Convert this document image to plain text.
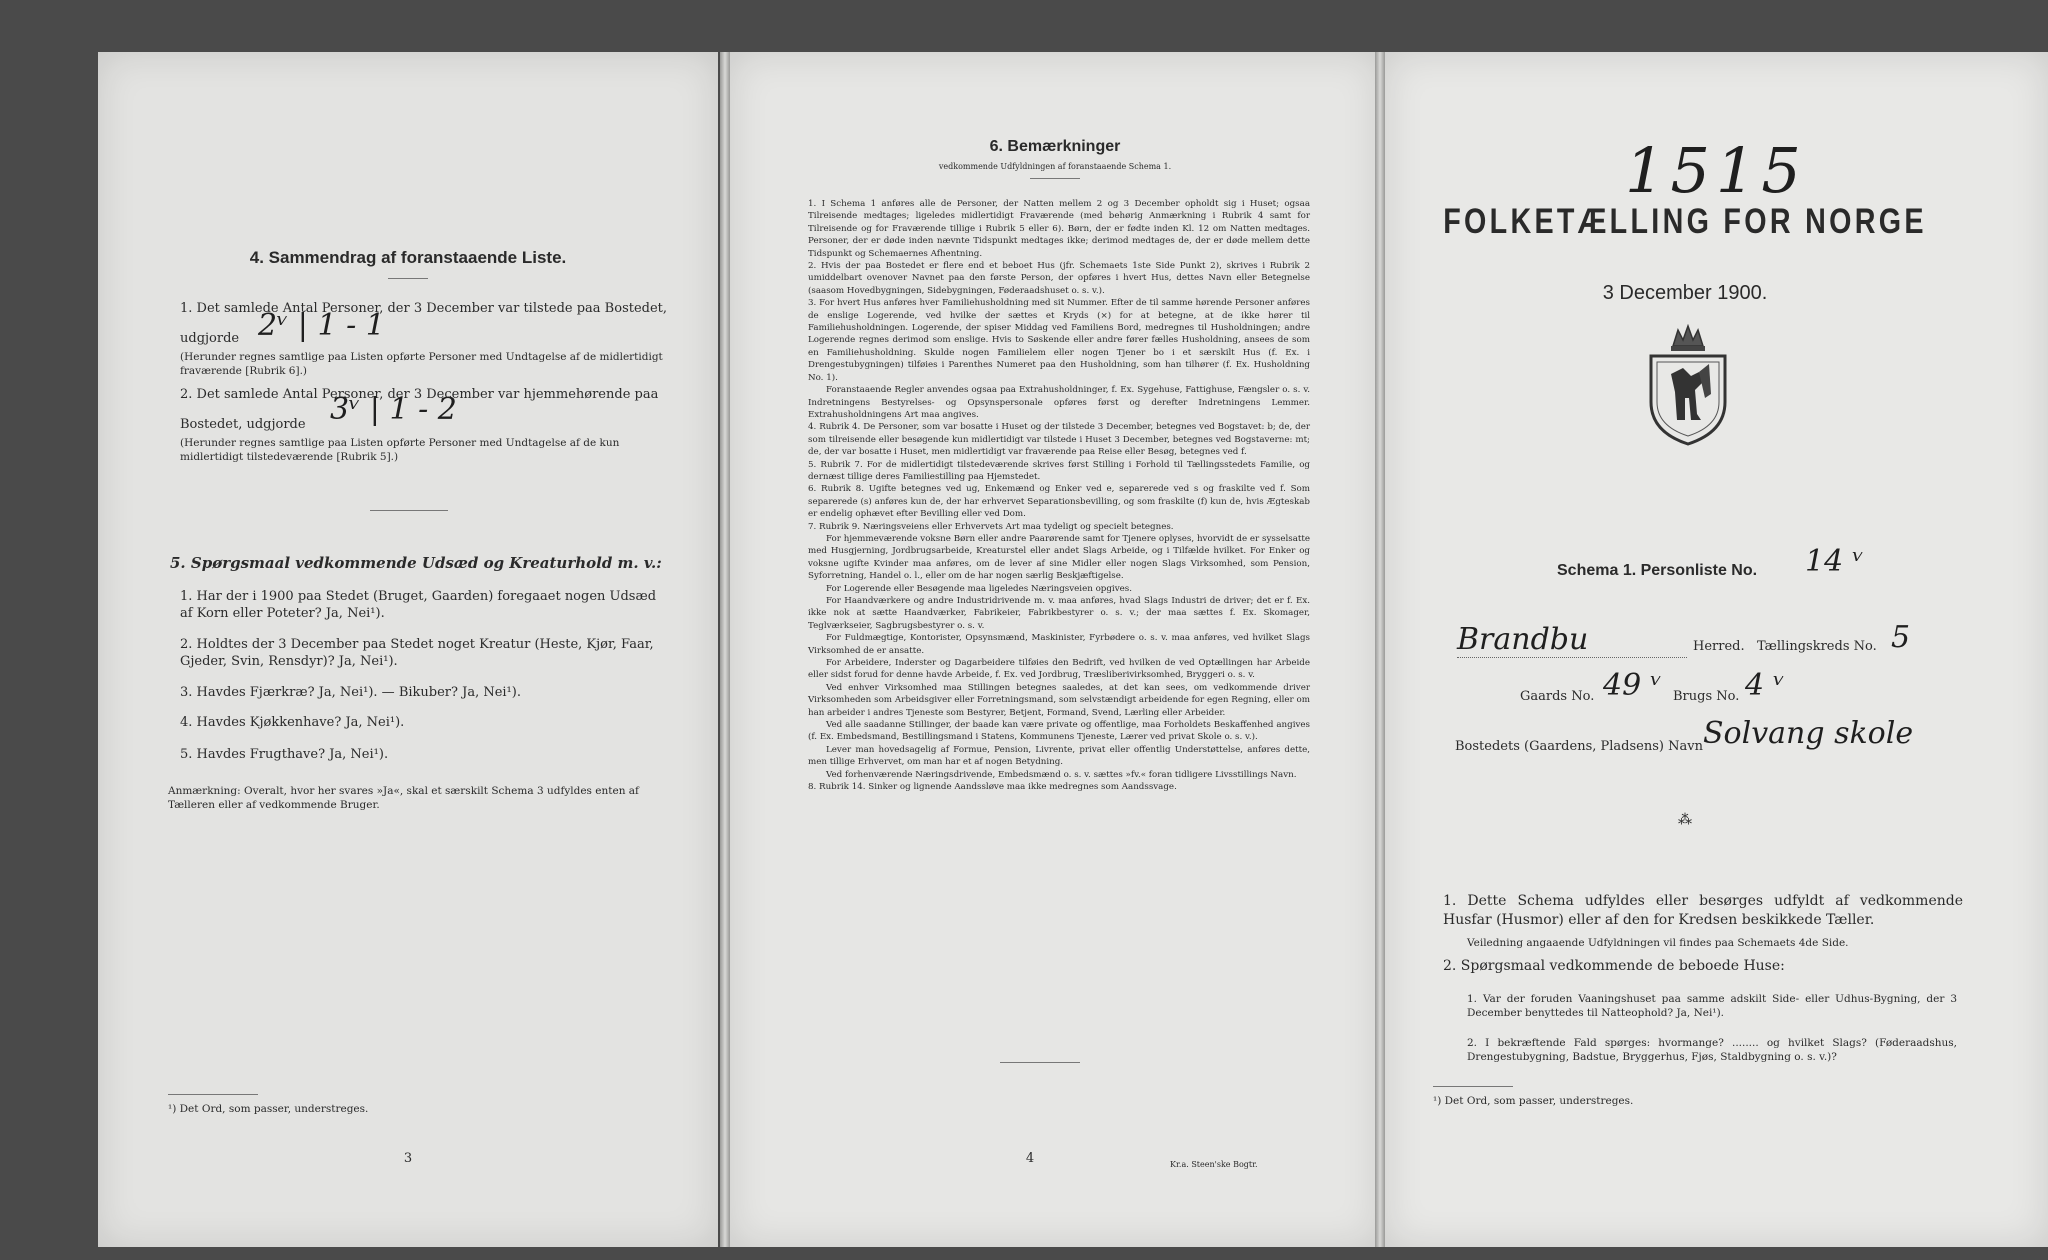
4. Sammendrag af foranstaaende Liste.
1. Det samlede Antal Personer, der 3 December var tilstede paa Bostedet,
udgjorde 2ᵛ | 1 - 1
(Herunder regnes samtlige paa Listen opførte Personer med Undtagelse af de midlertidigt fraværende [Rubrik 6].)
2. Det samlede Antal Personer, der 3 December var hjemmehørende paa
Bostedet, udgjorde 3ᵛ | 1 - 2
(Herunder regnes samtlige paa Listen opførte Personer med Undtagelse af de kun midlertidigt tilstedeværende [Rubrik 5].)
5. Spørgsmaal vedkommende Udsæd og Kreaturhold m. v.:
1. Har der i 1900 paa Stedet (Bruget, Gaarden) foregaaet nogen Udsæd af Korn eller Poteter? Ja, Nei¹).
2. Holdtes der 3 December paa Stedet noget Kreatur (Heste, Kjør, Faar, Gjeder, Svin, Rensdyr)? Ja, Nei¹).
3. Havdes Fjærkræ? Ja, Nei¹). — Bikuber? Ja, Nei¹).
4. Havdes Kjøkkenhave? Ja, Nei¹).
5. Havdes Frugthave? Ja, Nei¹).
Anmærkning: Overalt, hvor her svares »Ja«, skal et særskilt Schema 3 udfyldes enten af Tælleren eller af vedkommende Bruger.
¹) Det Ord, som passer, understreges.
3
6. Bemærkninger
vedkommende Udfyldningen af foranstaaende Schema 1.
1. I Schema 1 anføres alle de Personer, der Natten mellem 2 og 3 December opholdt sig i Huset; ogsaa Tilreisende medtages; ligeledes midlertidigt Fraværende (med behørig Anmærkning i Rubrik 4 samt for Tilreisende og for Fraværende tillige i Rubrik 5 eller 6). Børn, der er fødte inden Kl. 12 om Natten medtages. Personer, der er døde inden nævnte Tidspunkt medtages ikke; derimod medtages de, der er døde mellem dette Tidspunkt og Schemaernes Afhentning.
2. Hvis der paa Bostedet er flere end et beboet Hus (jfr. Schemaets 1ste Side Punkt 2), skrives i Rubrik 2 umiddelbart ovenover Navnet paa den første Person, der opføres i hvert Hus, dettes Navn eller Betegnelse (saasom Hovedbygningen, Sidebygningen, Føderaadshuset o. s. v.).
3. For hvert Hus anføres hver Familiehusholdning med sit Nummer. Efter de til samme hørende Personer anføres de enslige Logerende, ved hvilke der sættes et Kryds (×) for at betegne, at de ikke hører til Familiehusholdningen. Logerende, der spiser Middag ved Familiens Bord, medregnes til Husholdningen; andre Logerende regnes derimod som enslige. Hvis to Søskende eller andre fører fælles Husholdning, ansees de som en Familiehusholdning. Skulde nogen Familielem eller nogen Tjener bo i et særskilt Hus (f. Ex. i Drengestubygningen) tilføies i Parenthes Numeret paa den Husholdning, som han tilhører (f. Ex. Husholdning No. 1).
Foranstaaende Regler anvendes ogsaa paa Extrahusholdninger, f. Ex. Sygehuse, Fattighuse, Fængsler o. s. v. Indretningens Bestyrelses- og Opsynspersonale opføres først og derefter Indretningens Lemmer. Extrahusholdningens Art maa angives.
4. Rubrik 4. De Personer, som var bosatte i Huset og der tilstede 3 December, betegnes ved Bogstavet: b; de, der som tilreisende eller besøgende kun midlertidigt var tilstede i Huset 3 December, betegnes ved Bogstaverne: mt; de, der var bosatte i Huset, men midlertidigt var fraværende paa Reise eller Besøg, betegnes ved f.
5. Rubrik 7. For de midlertidigt tilstedeværende skrives først Stilling i Forhold til Tællingsstedets Familie, og dernæst tillige deres Familiestilling paa Hjemstedet.
6. Rubrik 8. Ugifte betegnes ved ug, Enkemænd og Enker ved e, separerede ved s og fraskilte ved f. Som separerede (s) anføres kun de, der har erhvervet Separationsbevilling, og som fraskilte (f) kun de, hvis Ægteskab er endelig ophævet efter Bevilling eller ved Dom.
7. Rubrik 9. Næringsveiens eller Erhvervets Art maa tydeligt og specielt betegnes.
For hjemmeværende voksne Børn eller andre Paarørende samt for Tjenere oplyses, hvorvidt de er sysselsatte med Husgjerning, Jordbrugsarbeide, Kreaturstel eller andet Slags Arbeide, og i Tilfælde hvilket. For Enker og voksne ugifte Kvinder maa anføres, om de lever af sine Midler eller nogen Slags Virksomhed, som Pension, Syforretning, Handel o. l., eller om de har nogen særlig Beskjæftigelse.
For Logerende eller Besøgende maa ligeledes Næringsveien opgives.
For Haandværkere og andre Industridrivende m. v. maa anføres, hvad Slags Industri de driver; det er f. Ex. ikke nok at sætte Haandværker, Fabrikeier, Fabrikbestyrer o. s. v.; der maa sættes f. Ex. Skomager, Teglværkseier, Sagbrugsbestyrer o. s. v.
For Fuldmægtige, Kontorister, Opsynsmænd, Maskinister, Fyrbødere o. s. v. maa anføres, ved hvilket Slags Virksomhed de er ansatte.
For Arbeidere, Inderster og Dagarbeidere tilføies den Bedrift, ved hvilken de ved Optællingen har Arbeide eller sidst forud for denne havde Arbeide, f. Ex. ved Jordbrug, Træsliberivirksomhed, Bryggeri o. s. v.
Ved enhver Virksomhed maa Stillingen betegnes saaledes, at det kan sees, om vedkommende driver Virksomheden som Arbeidsgiver eller Forretningsmand, som selvstændigt arbeidende for egen Regning, eller om han arbeider i andres Tjeneste som Bestyrer, Betjent, Formand, Svend, Lærling eller Arbeider.
Ved alle saadanne Stillinger, der baade kan være private og offentlige, maa Forholdets Beskaffenhed angives (f. Ex. Embedsmand, Bestillingsmand i Statens, Kommunens Tjeneste, Lærer ved privat Skole o. s. v.).
Lever man hovedsagelig af Formue, Pension, Livrente, privat eller offentlig Understøttelse, anføres dette, men tillige Erhvervet, om man har et af nogen Betydning.
Ved forhenværende Næringsdrivende, Embedsmænd o. s. v. sættes »fv.« foran tidligere Livsstillings Navn.
8. Rubrik 14. Sinker og lignende Aandssløve maa ikke medregnes som Aandssvage.
4	Kr.a. Steen'ske Bogtr.
1515
FOLKETÆLLING FOR NORGE
3 December 1900.
Schema 1. Personliste No. 14 ᵛ
Brandbu	Herred. Tællingskreds No. 5
Gaards No. 49 ᵛ Brugs No. 4 ᵛ
Bostedets (Gaardens, Pladsens) Navn Solvang skole
⁂
1. Dette Schema udfyldes eller besørges udfyldt af vedkommende Husfar (Husmor) eller af den for Kredsen beskikkede Tæller.
Veiledning angaaende Udfyldningen vil findes paa Schemaets 4de Side.
2. Spørgsmaal vedkommende de beboede Huse:
1. Var der foruden Vaaningshuset paa samme adskilt Side- eller Udhus-Bygning, der 3 December benyttedes til Natteophold? Ja, Nei¹).
2. I bekræftende Fald spørges: hvormange? ........ og hvilket Slags? (Føderaadshus, Drengestubygning, Badstue, Bryggerhus, Fjøs, Staldbygning o. s. v.)?
¹) Det Ord, som passer, understreges.
